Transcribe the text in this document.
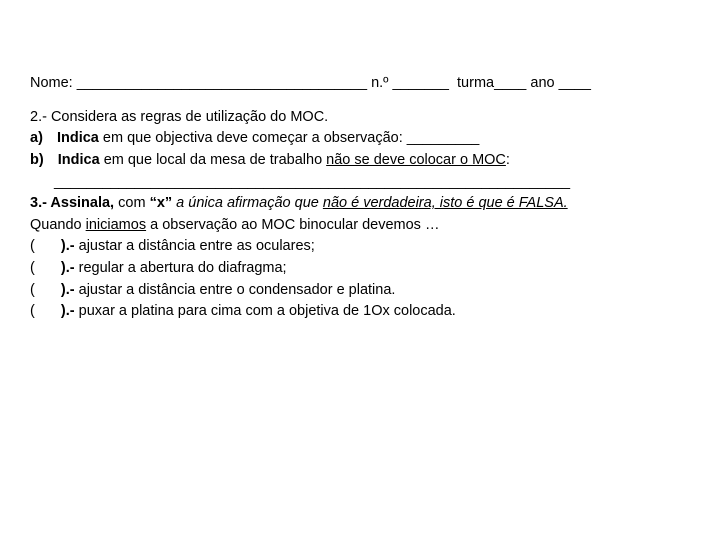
Nome: ____________________________________ n.º _______ turma____ ano ____
2.- Considera as regras de utilização do MOC.
a) Indica em que objectiva deve começar a observação: _________
b) Indica em que local da mesa de trabalho não se deve colocar o MOC:
________________________________________________________________
3.- Assinala, com “x” a única afirmação que não é verdadeira, isto é que é FALSA.
Quando iniciamos a observação ao MOC binocular devemos …
( ).- ajustar a distância entre as oculares;
( ).- regular a abertura do diafragma;
( ).- ajustar a distância entre o condensador e platina.
( ).- puxar a platina para cima com a objetiva de 1Ox colocada.
